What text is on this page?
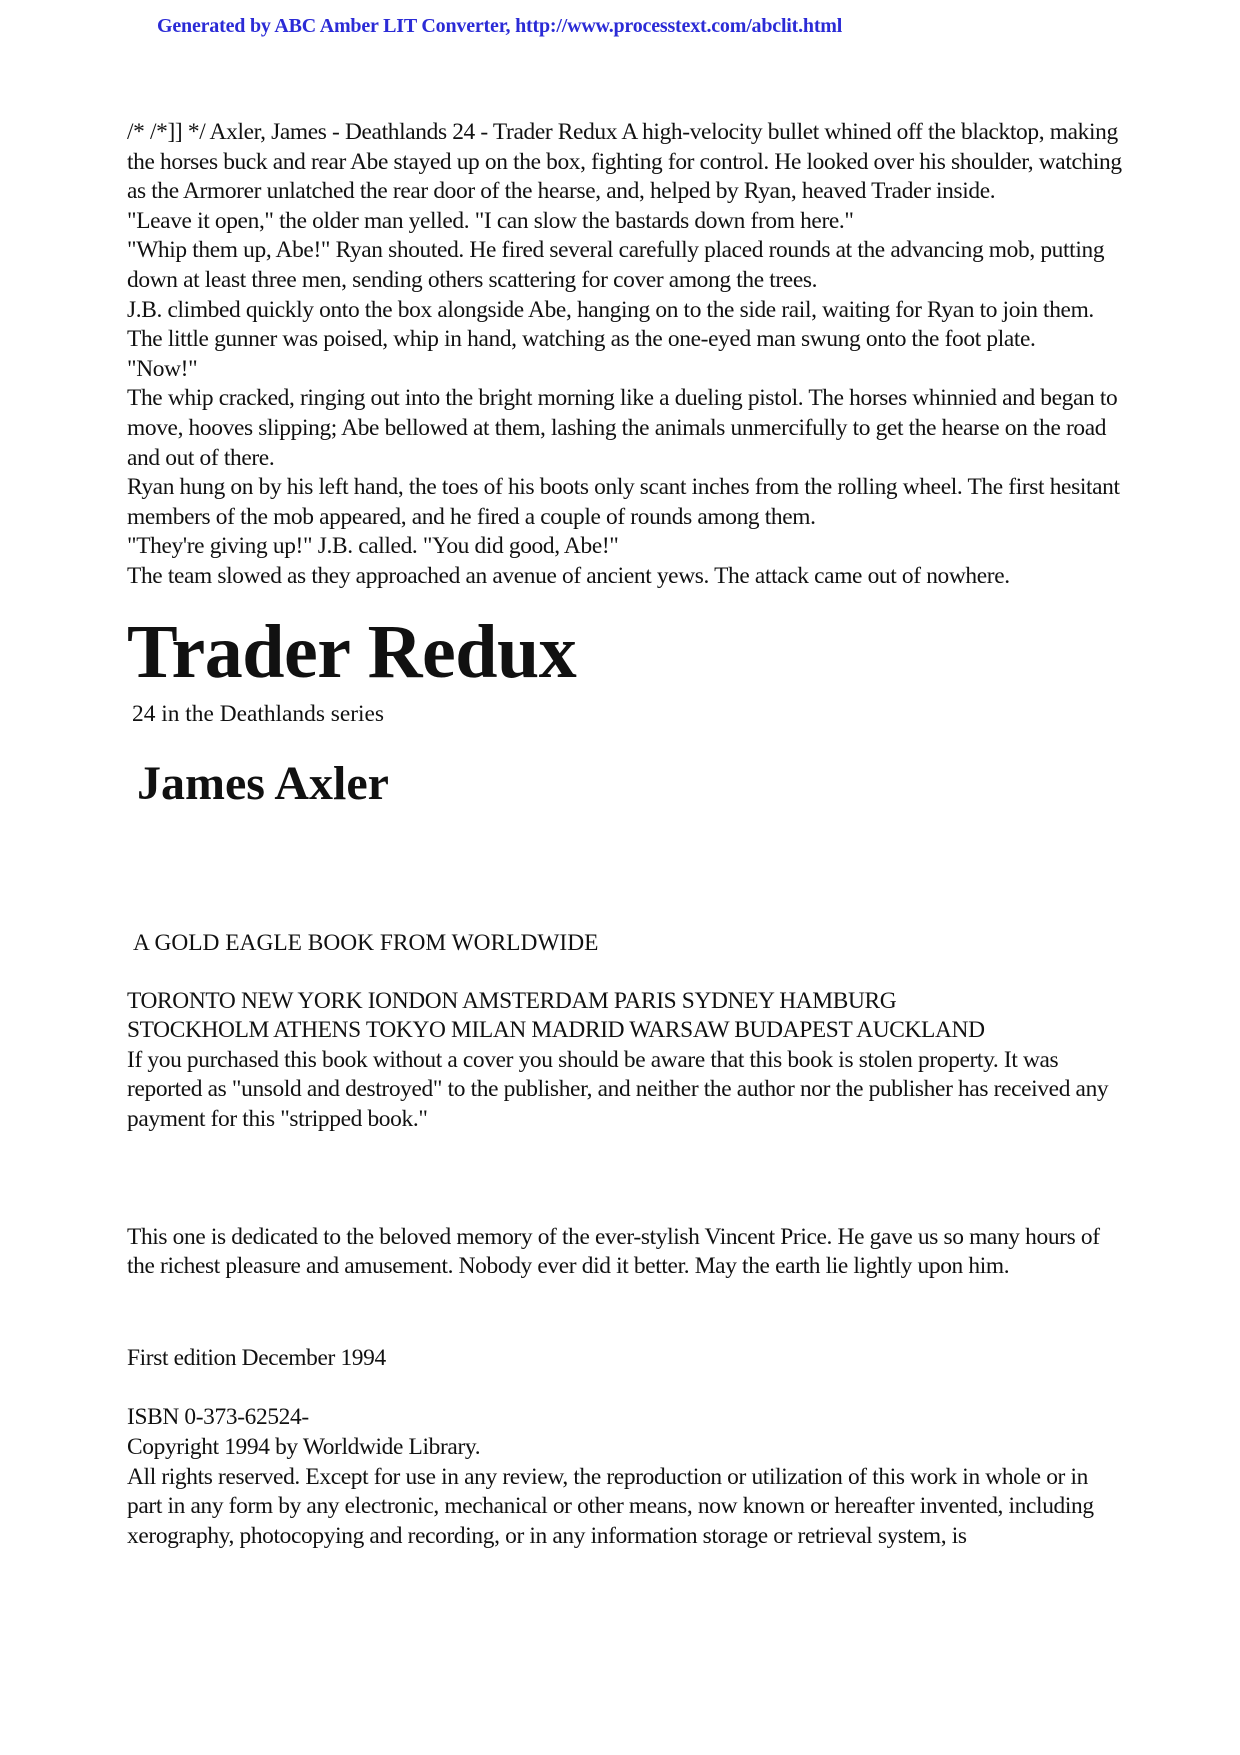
Generated by ABC Amber LIT Converter, http://www.processtext.com/abclit.html

/* /*]] */ Axler, James - Deathlands 24 - Trader Redux A high-velocity bullet whined off the blacktop, making the horses buck and rear Abe stayed up on the box, fighting for control. He looked over his shoulder, watching as the Armorer unlatched the rear door of the hearse, and, helped by Ryan, heaved Trader inside.

"Leave it open," the older man yelled. "I can slow the bastards down from here."

"Whip them up, Abe!" Ryan shouted. He fired several carefully placed rounds at the advancing mob, putting down at least three men, sending others scattering for cover among the trees.

J.B. climbed quickly onto the box alongside Abe, hanging on to the side rail, waiting for Ryan to join them. The little gunner was poised, whip in hand, watching as the one-eyed man swung onto the foot plate.

"Now!"

The whip cracked, ringing out into the bright morning like a dueling pistol. The horses whinnied and began to move, hooves slipping; Abe bellowed at them, lashing the animals unmercifully to get the hearse on the road and out of there.

Ryan hung on by his left hand, the toes of his boots only scant inches from the rolling wheel. The first hesitant members of the mob appeared, and he fired a couple of rounds among them.

"They're giving up!" J.B. called. "You did good, Abe!"

The team slowed as they approached an avenue of ancient yews. The attack came out of nowhere.

Trader Redux
24 in the Deathlands series
James Axler
A GOLD EAGLE BOOK FROM WORLDWIDE

TORONTO NEW YORK IONDON AMSTERDAM PARIS SYDNEY HAMBURG

STOCKHOLM ATHENS TOKYO MILAN MADRID WARSAW BUDAPEST AUCKLAND

If you purchased this book without a cover you should be aware that this book is stolen property. It was reported as "unsold and destroyed" to the publisher, and neither the author nor the publisher has received any payment for this "stripped book."

This one is dedicated to the beloved memory of the ever-stylish Vincent Price. He gave us so many hours of the richest pleasure and amusement. Nobody ever did it better. May the earth lie lightly upon him.

First edition December 1994

ISBN 0-373-62524-

Copyright 1994 by Worldwide Library.

All rights reserved. Except for use in any review, the reproduction or utilization of this work in whole or in part in any form by any electronic, mechanical or other means, now known or hereafter invented, including xerography, photocopying and recording, or in any information storage or retrieval system, is
